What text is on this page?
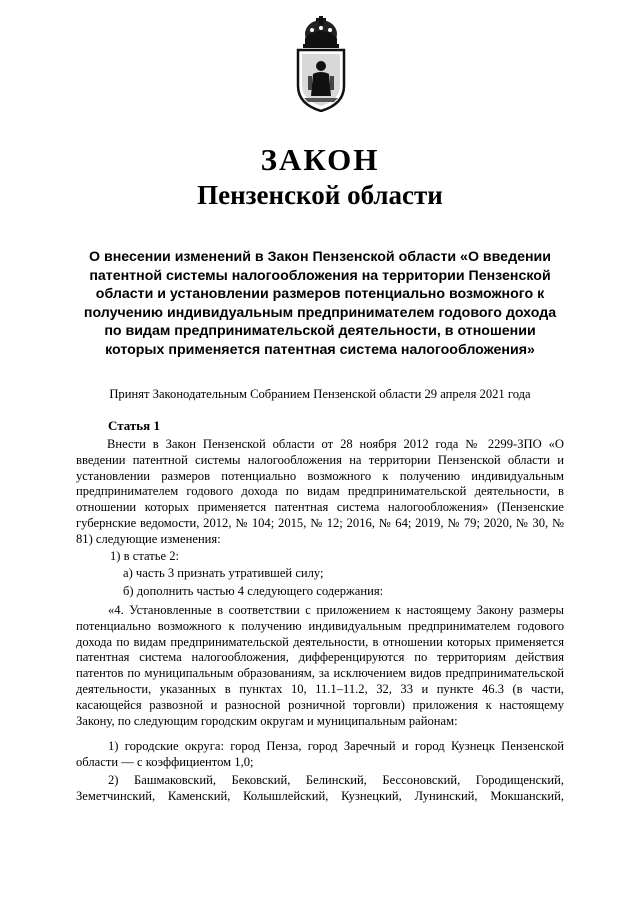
ЗАКОН
Пензенской области
О внесении изменений в Закон Пензенской области «О введении патентной системы налогообложения на территории Пензенской области и установлении размеров потенциально возможного к получению индивидуальным предпринимателем годового дохода по видам предпринимательской деятельности, в отношении которых применяется патентная система налогообложения»
Принят Законодательным Собранием Пензенской области 29 апреля 2021 года
Статья 1

Внести в Закон Пензенской области от 28 ноября 2012 года № 2299-ЗПО «О введении патентной системы налогообложения на территории Пензенской области и установлении размеров потенциально возможного к получению индивидуальным предпринимателем годового дохода по видам предпринимательской деятельности, в отношении которых применяется патентная система налогообложения» (Пензенские губернские ведомости, 2012, № 104; 2015, № 12; 2016, № 64; 2019, № 79; 2020, № 30, № 81) следующие изменения:

1) в статье 2:

а) часть 3 признать утратившей силу;

б) дополнить частью 4 следующего содержания:

«4. Установленные в соответствии с приложением к настоящему Закону размеры потенциально возможного к получению индивидуальным предпринимателем годового дохода по видам предпринимательской деятельности, в отношении которых применяется патентная система налогообложения, дифференцируются по территориям действия патентов по муниципальным образованиям, за исключением видов предпринимательской деятельности, указанных в пунктах 10, 11.1–11.2, 32, 33 и пункте 46.3 (в части, касающейся развозной и разносной розничной торговли) приложения к настоящему Закону, по следующим городским округам и муниципальным районам:

1) городские округа: город Пенза, город Заречный и город Кузнецк Пензенской области — с коэффициентом 1,0;

2) Башмаковский, Бековский, Белинский, Бессоновский, Городищенский, Земетчинский, Каменский, Колышлейский, Кузнецкий, Лунинский, Мокшанский,
